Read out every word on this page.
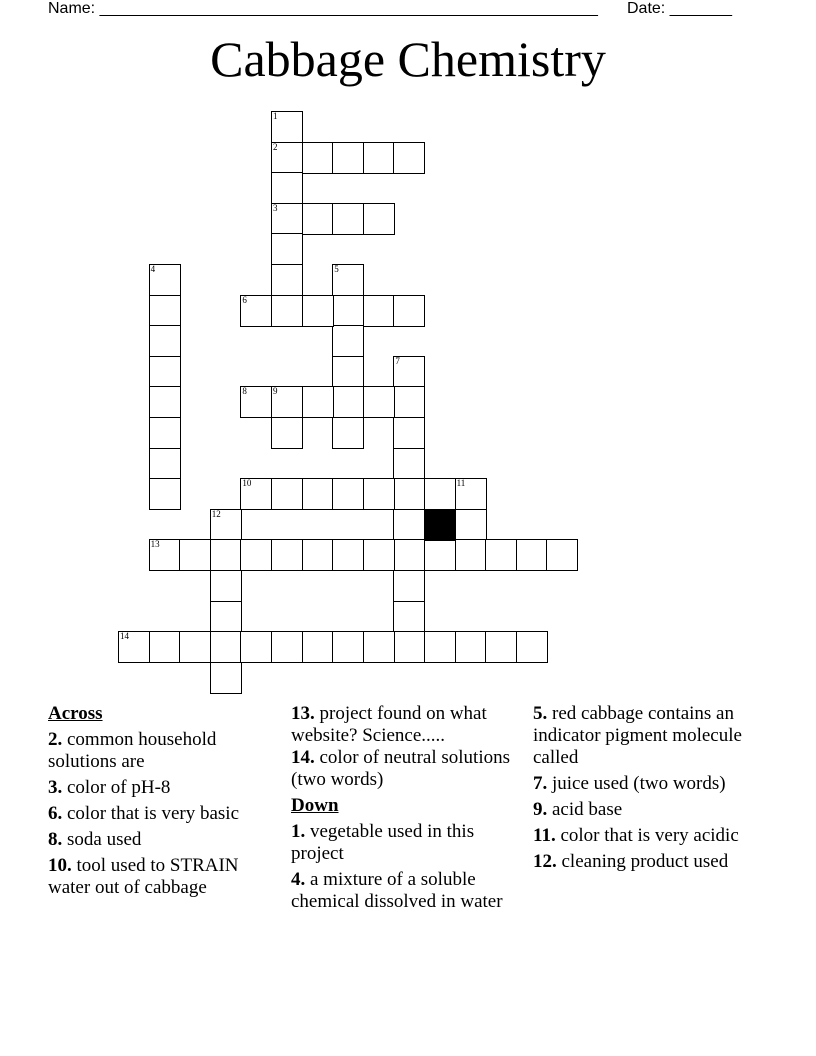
Name: ________________________________________________________ Date: _______
Cabbage Chemistry
1
2
3
4	5
6
7
8	9
10	11
12
13
14
Across
2. common household solutions are
3. color of pH-8
6. color that is very basic
8. soda used
10. tool used to STRAIN water out of cabbage
13. project found on what website? Science.....
14. color of neutral solutions (two words)
Down
1. vegetable used in this project
4. a mixture of a soluble chemical dissolved in water
5. red cabbage contains an indicator pigment molecule called
7. juice used (two words)
9. acid base
11. color that is very acidic
12. cleaning product used
